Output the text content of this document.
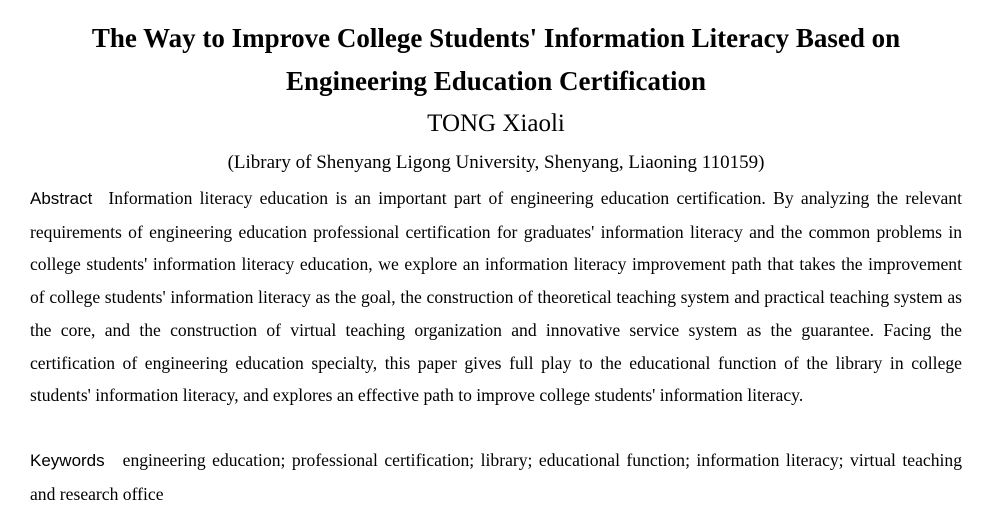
The Way to Improve College Students' Information Literacy Based on
Engineering Education Certification
TONG Xiaoli
(Library of Shenyang Ligong University, Shenyang, Liaoning 110159)
Abstract Information literacy education is an important part of engineering education certification. By analyzing the relevant requirements of engineering education professional certification for graduates' information literacy and the common problems in college students' information literacy education, we explore an information literacy improvement path that takes the improvement of college students' information literacy as the goal, the construction of theoretical teaching system and practical teaching system as the core, and the construction of virtual teaching organization and innovative service system as the guarantee. Facing the certification of engineering education specialty, this paper gives full play to the educational function of the library in college students' information literacy, and explores an effective path to improve college students' information literacy.
Keywords engineering education; professional certification; library; educational function; information literacy; virtual teaching and research office
